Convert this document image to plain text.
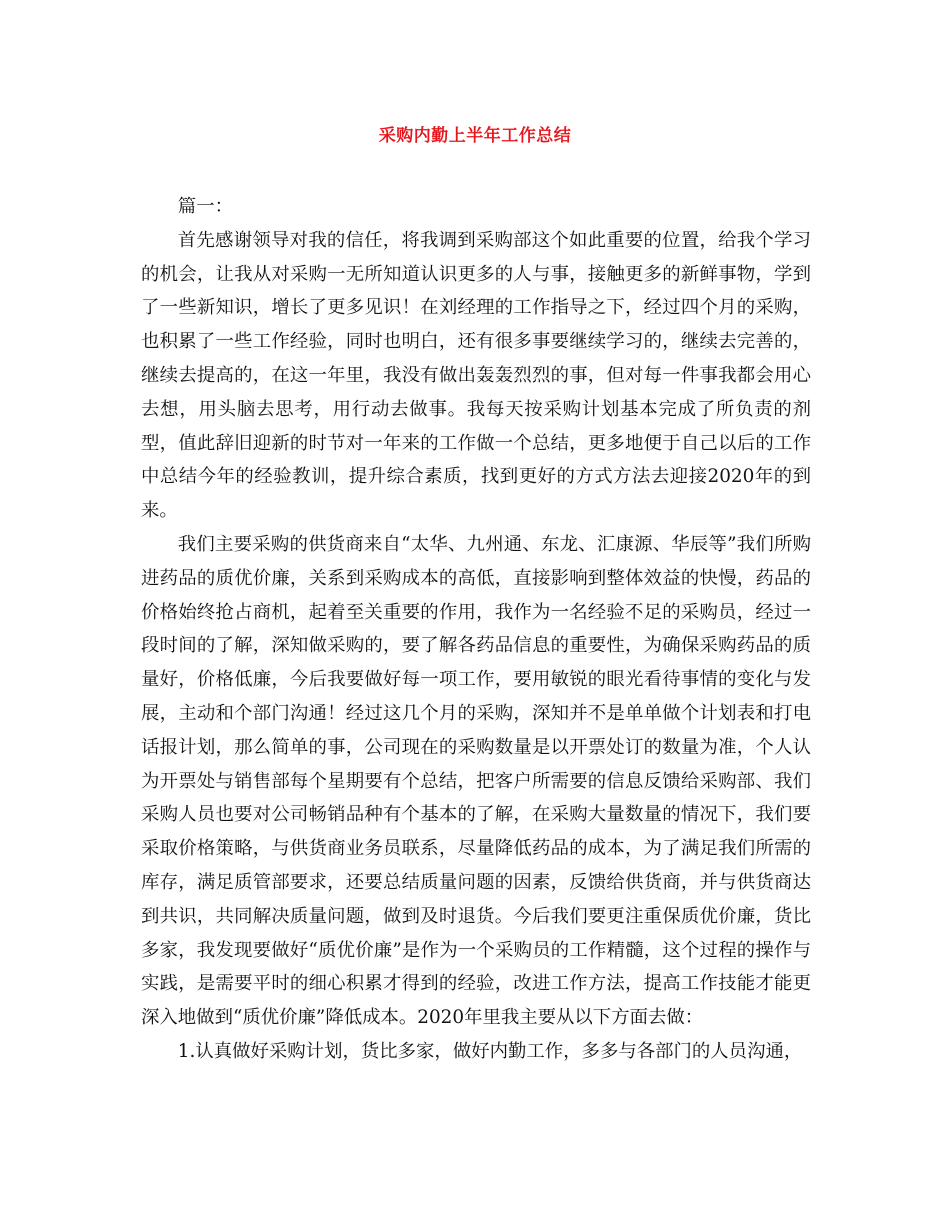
采购内勤上半年工作总结

篇一：

首先感谢领导对我的信任，将我调到采购部这个如此重要的位置，给我个学习的机会，让我从对采购一无所知道认识更多的人与事，接触更多的新鲜事物，学到了一些新知识，增长了更多见识！在刘经理的工作指导之下，经过四个月的采购，也积累了一些工作经验，同时也明白，还有很多事要继续学习的，继续去完善的，继续去提高的，在这一年里，我没有做出轰轰烈烈的事，但对每一件事我都会用心去想，用头脑去思考，用行动去做事。我每天按采购计划基本完成了所负责的剂型，值此辞旧迎新的时节对一年来的工作做一个总结，更多地便于自己以后的工作中总结今年的经验教训，提升综合素质，找到更好的方式方法去迎接2020年的到来。

我们主要采购的供货商来自“太华、九州通、东龙、汇康源、华辰等”我们所购进药品的质优价廉，关系到采购成本的高低，直接影响到整体效益的快慢，药品的价格始终抢占商机，起着至关重要的作用，我作为一名经验不足的采购员，经过一段时间的了解，深知做采购的，要了解各药品信息的重要性，为确保采购药品的质量好，价格低廉，今后我要做好每一项工作，要用敏锐的眼光看待事情的变化与发展，主动和个部门沟通！经过这几个月的采购，深知并不是单单做个计划表和打电话报计划，那么简单的事，公司现在的采购数量是以开票处订的数量为准，个人认为开票处与销售部每个星期要有个总结，把客户所需要的信息反馈给采购部、我们采购人员也要对公司畅销品种有个基本的了解，在采购大量数量的情况下，我们要采取价格策略，与供货商业务员联系，尽量降低药品的成本，为了满足我们所需的库存，满足质管部要求，还要总结质量问题的因素，反馈给供货商，并与供货商达到共识，共同解决质量问题，做到及时退货。今后我们要更注重保质优价廉，货比多家，我发现要做好“质优价廉”是作为一个采购员的工作精髓，这个过程的操作与实践，是需要平时的细心积累才得到的经验，改进工作方法，提高工作技能才能更深入地做到“质优价廉”降低成本。2020年里我主要从以下方面去做：

1.认真做好采购计划，货比多家，做好内勤工作，多多与各部门的人员沟通，
